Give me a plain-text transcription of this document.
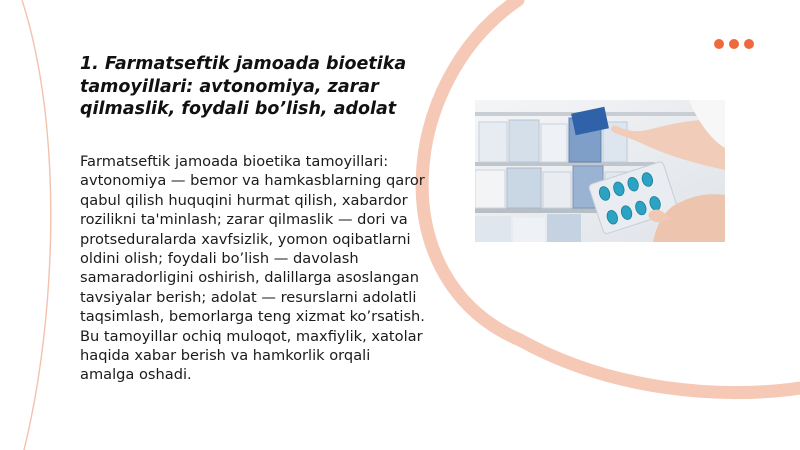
1. Farmatseftik jamoada bioetika tamoyillari: avtonomiya, zarar qilmaslik, foydali bo’lish, adolat

Farmatseftik jamoada bioetika tamoyillari: avtonomiya — bemor va hamkasblarning qaror qabul qilish huquqini hurmat qilish, xabardor rozilikni ta'minlash; zarar qilmaslik — dori va protseduralarda xavfsizlik, yomon oqibatlarni oldini olish; foydali bo’lish — davolash samaradorligini oshirish, dalillarga asoslangan tavsiyalar berish; adolat — resurslarni adolatli taqsimlash, bemorlarga teng xizmat ko’rsatish. Bu tamoyillar ochiq muloqot, maxfiylik, xatolar haqida xabar berish va hamkorlik orqali amalga oshadi.
